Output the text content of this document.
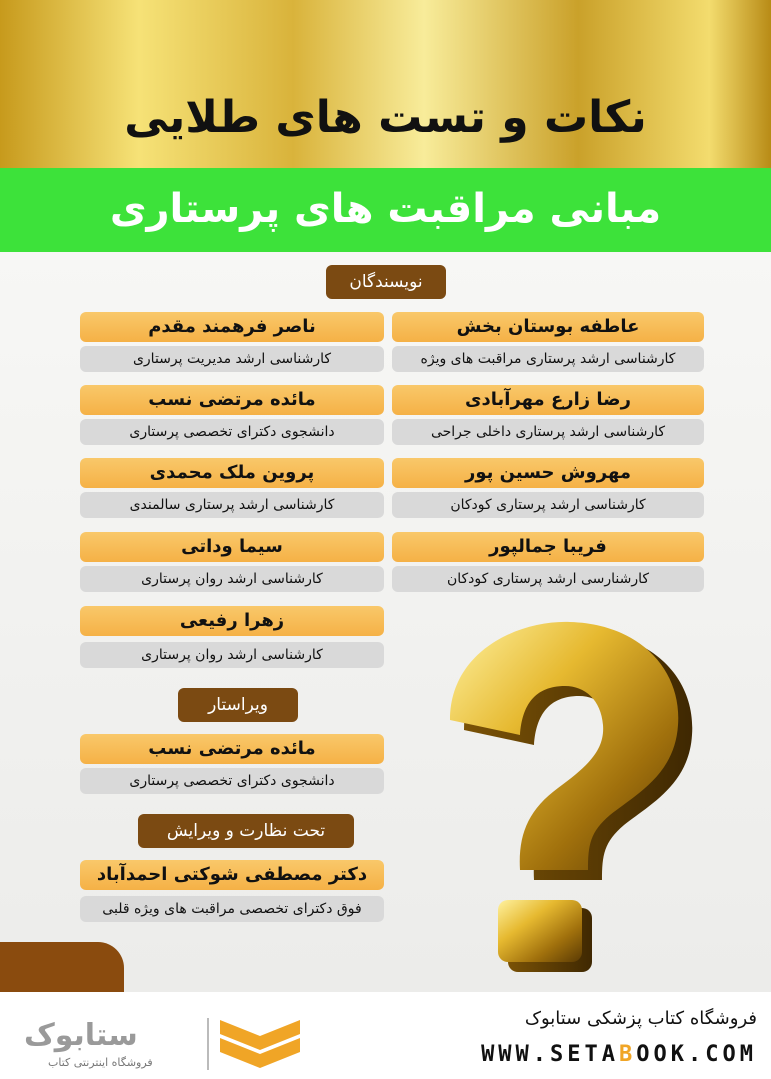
نکات و تست های طلایی
مبانی مراقبت های پرستاری
نویسندگان
عاطفه بوستان بخش
کارشناسی ارشد پرستاری مراقبت های ویژه
ناصر فرهمند مقدم
کارشناسی ارشد مدیریت پرستاری
رضا زارع مهرآبادی
کارشناسی ارشد پرستاری داخلی جراحی
مائده مرتضی نسب
دانشجوی دکترای تخصصی پرستاری
مهروش حسین پور
کارشناسی ارشد پرستاری کودکان
پروین ملک محمدی
کارشناسی ارشد پرستاری سالمندی
فریبا جمالپور
کارشنارسی ارشد پرستاری کودکان
سیما وداتی
کارشناسی ارشد روان پرستاری
زهرا رفیعی
کارشناسی ارشد روان پرستاری
ویراستار
مائده مرتضی نسب
دانشجوی دکترای تخصصی پرستاری
تحت نظارت و ویرایش
دکتر مصطفی شوکتی احمدآباد
فوق دکترای تخصصی مراقبت های ویژه قلبی
فروشگاه کتاب پزشکی ستابوک
WWW.SETABOOK.COM
ستابوک
فروشگاه اینترنتی کتاب
